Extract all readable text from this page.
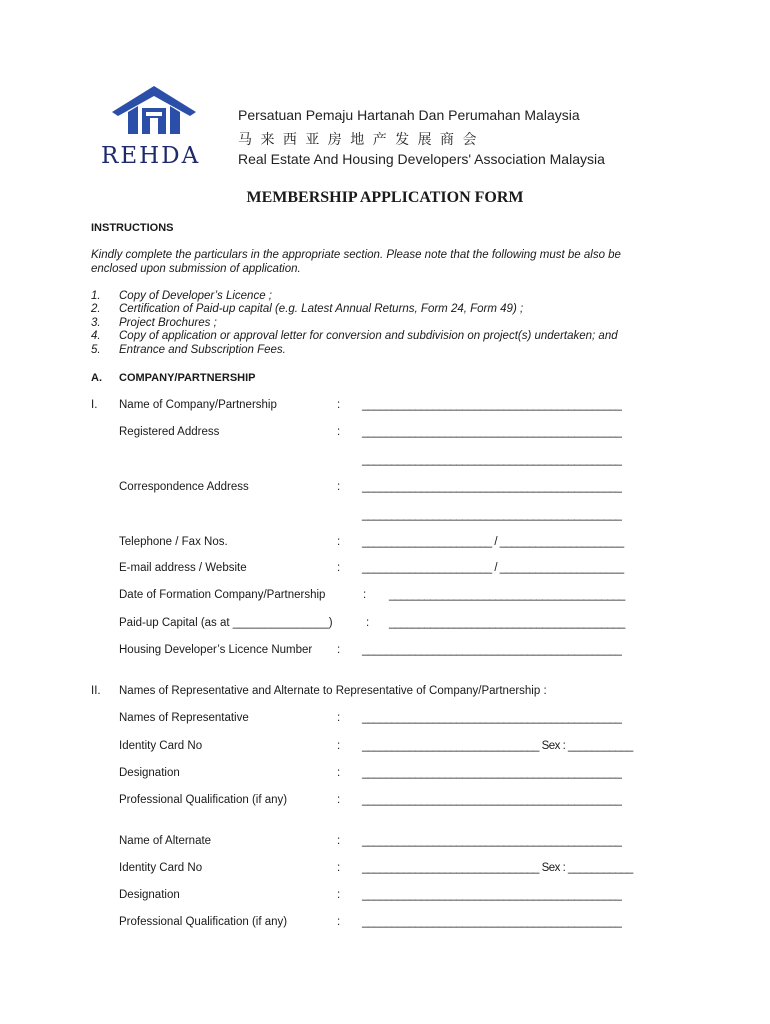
REHDA
Persatuan Pemaju Hartanah Dan Perumahan Malaysia
马 来 西 亚 房 地 产 发 展 商 会
Real Estate And Housing Developers' Association Malaysia
MEMBERSHIP APPLICATION FORM
INSTRUCTIONS
Kindly complete the particulars in the appropriate section. Please note that the following must be also be
enclosed upon submission of application.
1. Copy of Developer’s Licence ;
2. Certification of Paid-up capital (e.g. Latest Annual Returns, Form 24, Form 49) ;
3. Project Brochures ;
4. Copy of application or approval letter for conversion and subdivision on project(s) undertaken; and
5. Entrance and Subscription Fees.
A. COMPANY/PARTNERSHIP
I. Name of Company/Partnership	: ____________________________________________
Registered Address	: ____________________________________________
____________________________________________
Correspondence Address	: ____________________________________________
____________________________________________
Telephone / Fax Nos.	: ______________________ / _____________________
E-mail address / Website	: ______________________ / _____________________
Date of Formation Company/Partnership	: ________________________________________
Paid-up Capital (as at _______________)	: ________________________________________
Housing Developer’s Licence Number : ____________________________________________
II. Names of Representative and Alternate to Representative of Company/Partnership :
Names of Representative	: ____________________________________________
Identity Card No	: ______________________________ Sex : ___________
Designation	: ____________________________________________
Professional Qualification (if any)	: ____________________________________________
Name of Alternate	: ____________________________________________
Identity Card No	: ______________________________ Sex : ___________
Designation	: ____________________________________________
Professional Qualification (if any)	: ____________________________________________
